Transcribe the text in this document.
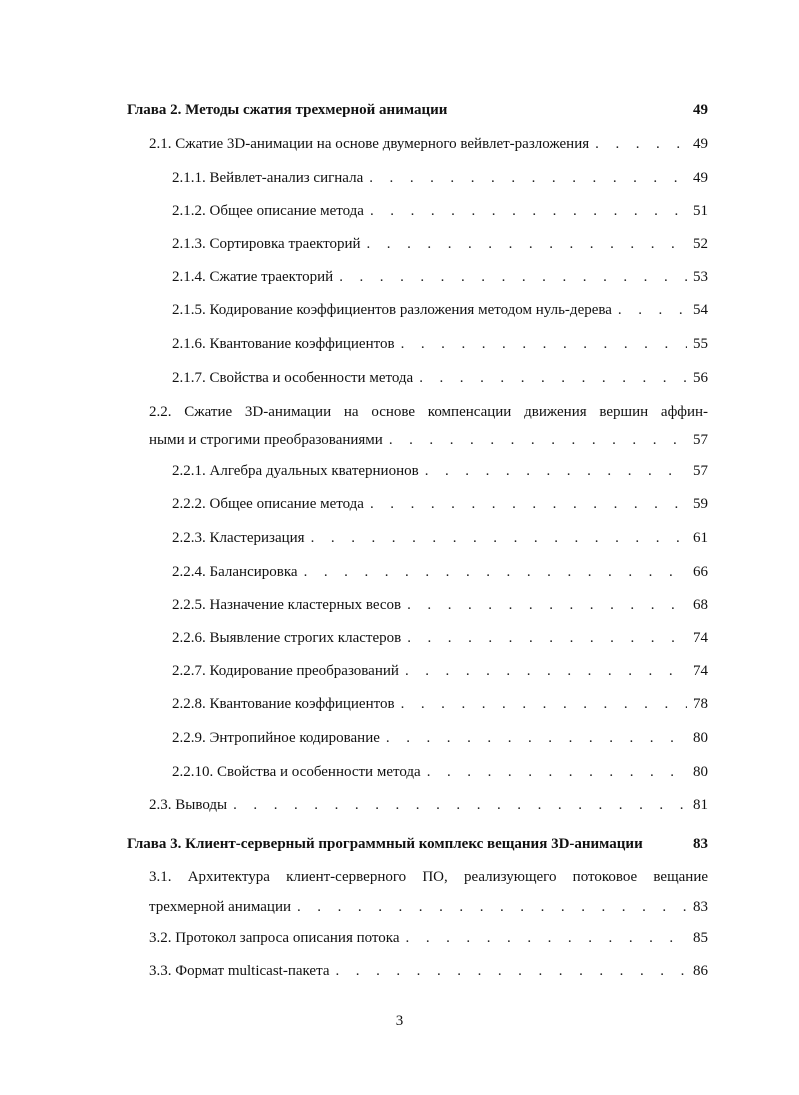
Глава 2. Методы сжатия трехмерной анимации	49
2.1. Сжатие 3D-анимации на основе двумерного вейвлет-разложения . . .	49
2.1.1. Вейвлет-анализ сигнала . . .	49
2.1.2. Общее описание метода . . .	51
2.1.3. Сортировка траекторий . . .	52
2.1.4. Сжатие траекторий . . .	53
2.1.5. Кодирование коэффициентов разложения методом нуль-дерева . . .	54
2.1.6. Квантование коэффициентов . . .	55
2.1.7. Свойства и особенности метода . . .	56
2.2. Сжатие 3D-анимации на основе компенсации движения вершин аффин-
ными и строгими преобразованиями . . .	57
2.2.1. Алгебра дуальных кватернионов . . .	57
2.2.2. Общее описание метода . . .	59
2.2.3. Кластеризация . . .	61
2.2.4. Балансировка . . .	66
2.2.5. Назначение кластерных весов . . .	68
2.2.6. Выявление строгих кластеров . . .	74
2.2.7. Кодирование преобразований . . .	74
2.2.8. Квантование коэффициентов . . .	78
2.2.9. Энтропийное кодирование . . .	80
2.2.10. Свойства и особенности метода . . .	80
2.3. Выводы . . .	81
Глава 3. Клиент-серверный программный комплекс вещания 3D-анимации	83
3.1. Архитектура клиент-серверного ПО, реализующего потоковое вещание
трехмерной анимации . . .	83
3.2. Протокол запроса описания потока . . .	85
3.3. Формат multicast-пакета . . .	86
3
